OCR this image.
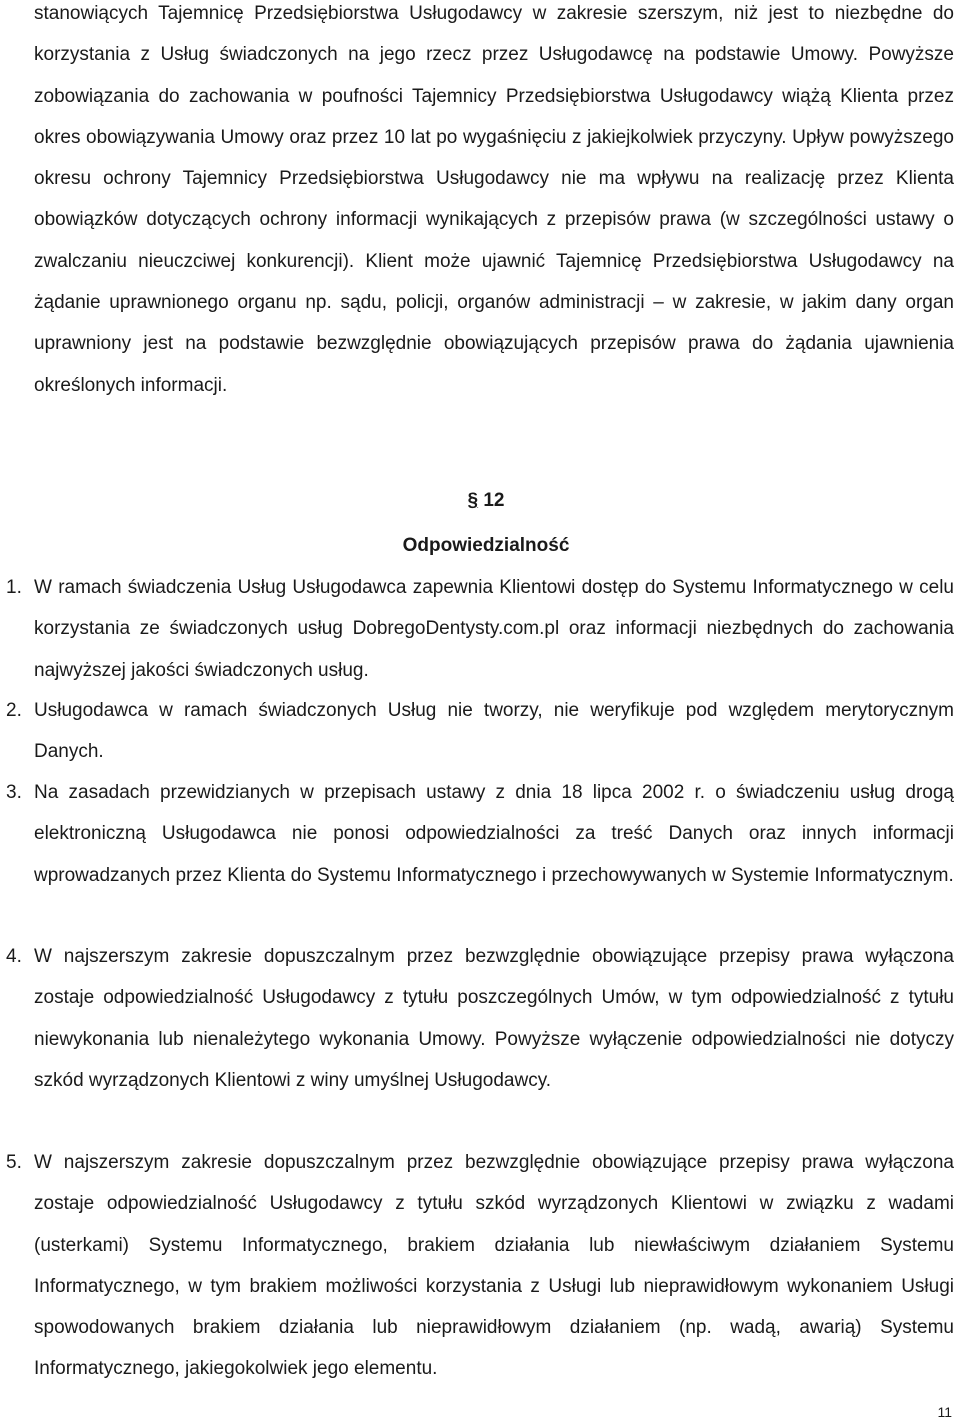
stanowiących Tajemnicę Przedsiębiorstwa Usługodawcy w zakresie szerszym, niż jest to niezbędne do korzystania z Usług świadczonych na jego rzecz przez Usługodawcę na podstawie Umowy. Powyższe zobowiązania do zachowania w poufności Tajemnicy Przedsiębiorstwa Usługodawcy wiążą Klienta przez okres obowiązywania Umowy oraz przez 10 lat po wygaśnięciu z jakiejkolwiek przyczyny. Upływ powyższego okresu ochrony Tajemnicy Przedsiębiorstwa Usługodawcy nie ma wpływu na realizację przez Klienta obowiązków dotyczących ochrony informacji wynikających z przepisów prawa (w szczególności ustawy o zwalczaniu nieuczciwej konkurencji). Klient może ujawnić Tajemnicę Przedsiębiorstwa Usługodawcy na żądanie uprawnionego organu np. sądu, policji, organów administracji – w zakresie, w jakim dany organ uprawniony jest na podstawie bezwzględnie obowiązujących przepisów prawa do żądania ujawnienia określonych informacji.

§ 12
Odpowiedzialność
1. W ramach świadczenia Usług Usługodawca zapewnia Klientowi dostęp do Systemu Informatycznego w celu korzystania ze świadczonych usług DobregoDentysty.com.pl oraz informacji niezbędnych do zachowania najwyższej jakości świadczonych usług.
2. Usługodawca w ramach świadczonych Usług nie tworzy, nie weryfikuje pod względem merytorycznym Danych.
3. Na zasadach przewidzianych w przepisach ustawy z dnia 18 lipca 2002 r. o świadczeniu usług drogą elektroniczną Usługodawca nie ponosi odpowiedzialności za treść Danych oraz innych informacji wprowadzanych przez Klienta do Systemu Informatycznego i przechowywanych w Systemie Informatycznym.
4. W najszerszym zakresie dopuszczalnym przez bezwzględnie obowiązujące przepisy prawa wyłączona zostaje odpowiedzialność Usługodawcy z tytułu poszczególnych Umów, w tym odpowiedzialność z tytułu niewykonania lub nienależytego wykonania Umowy. Powyższe wyłączenie odpowiedzialności nie dotyczy szkód wyrządzonych Klientowi z winy umyślnej Usługodawcy.
5. W najszerszym zakresie dopuszczalnym przez bezwzględnie obowiązujące przepisy prawa wyłączona zostaje odpowiedzialność Usługodawcy z tytułu szkód wyrządzonych Klientowi w związku z wadami (usterkami) Systemu Informatycznego, brakiem działania lub niewłaściwym działaniem Systemu Informatycznego, w tym brakiem możliwości korzystania z Usługi lub nieprawidłowym wykonaniem Usługi spowodowanych brakiem działania lub nieprawidłowym działaniem (np. wadą, awarią) Systemu Informatycznego, jakiegokolwiek jego elementu.
11
